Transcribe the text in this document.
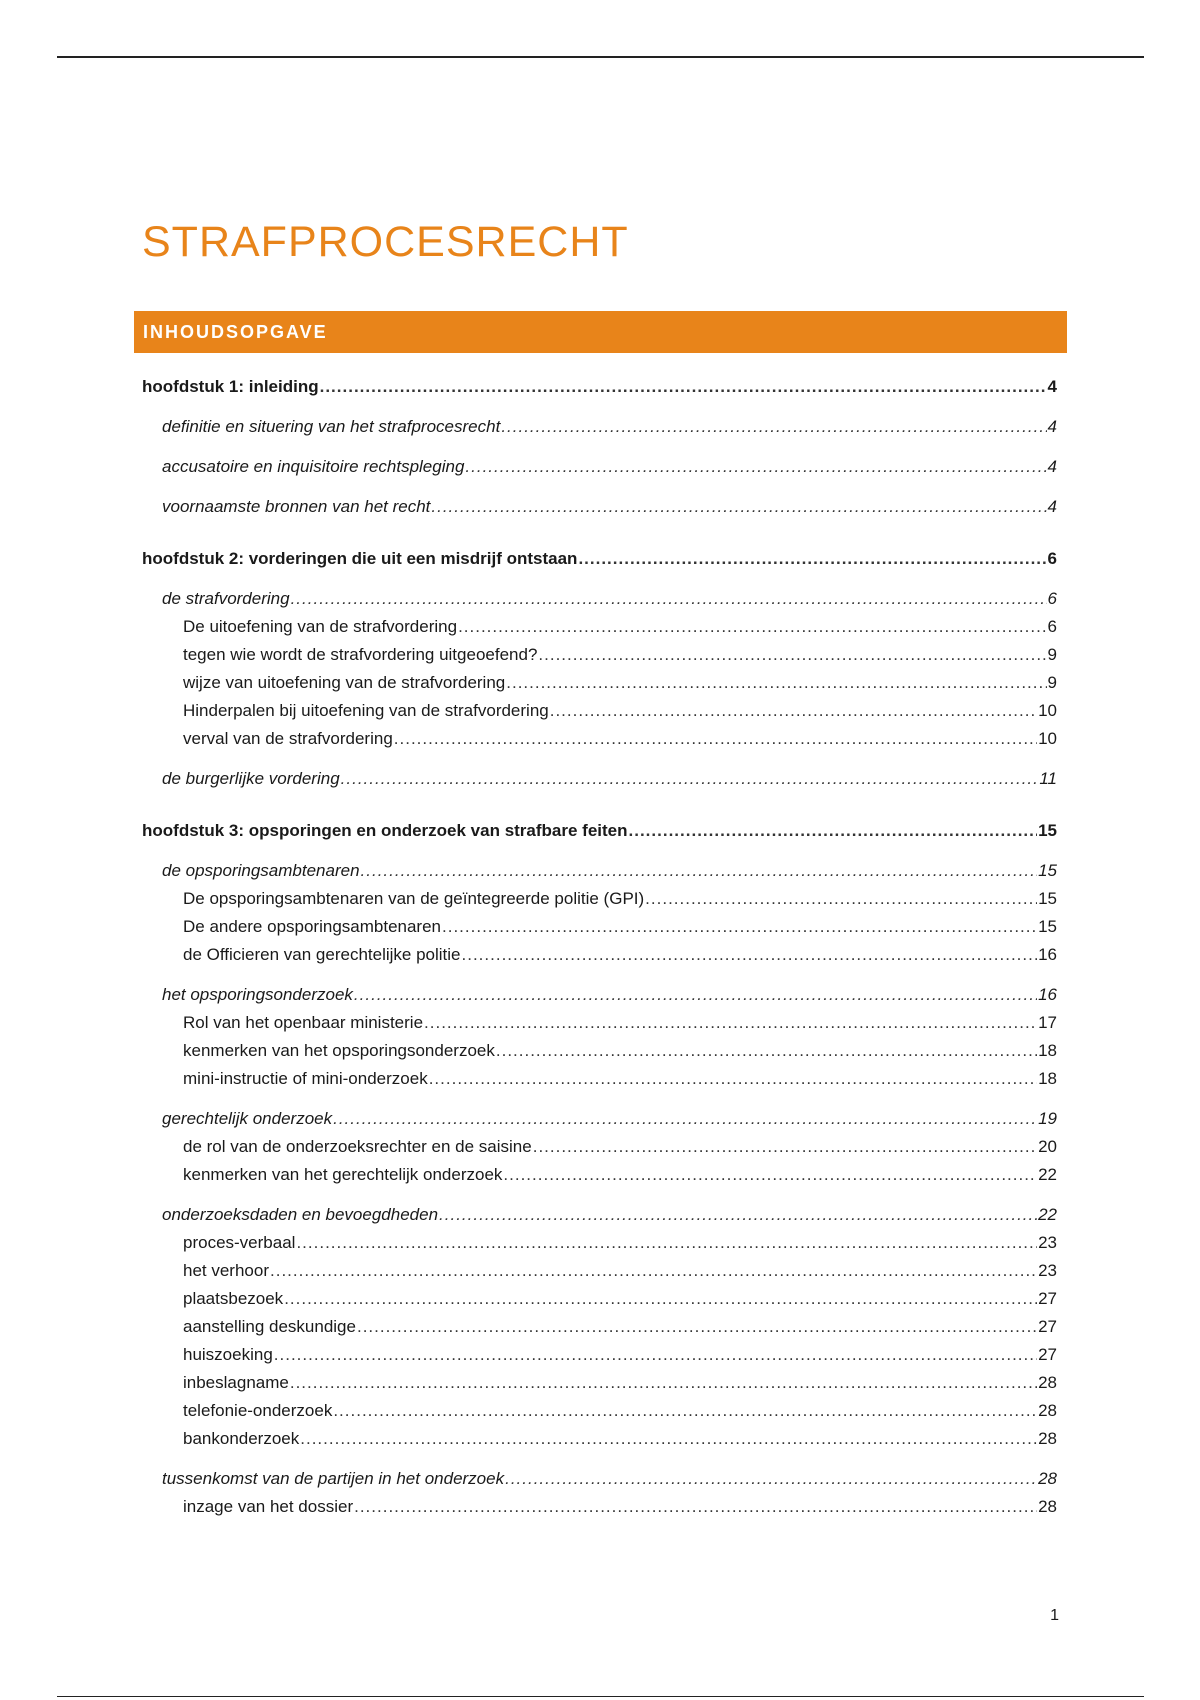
STRAFPROCESRECHT
INHOUDSOPGAVE
hoofdstuk 1: inleiding .....	4
definitie en situering van het strafprocesrecht .....	4
accusatoire en inquisitoire rechtspleging .....	4
voornaamste bronnen van het recht .....	4
hoofdstuk 2: vorderingen die uit een misdrijf ontstaan .....	6
de strafvordering .....	6
De uitoefening van de strafvordering .....	6
tegen wie wordt de strafvordering uitgeoefend? .....	9
wijze van uitoefening van de strafvordering .....	9
Hinderpalen bij uitoefening van de strafvordering .....	10
verval van de strafvordering .....	10
de burgerlijke vordering .....	11
hoofdstuk 3: opsporingen en onderzoek van strafbare feiten .....	15
de opsporingsambtenaren .....	15
De opsporingsambtenaren van de geïntegreerde politie (GPI) .....	15
De andere opsporingsambtenaren .....	15
de Officieren van gerechtelijke politie .....	16
het opsporingsonderzoek .....	16
Rol van het openbaar ministerie .....	17
kenmerken van het opsporingsonderzoek .....	18
mini-instructie of mini-onderzoek .....	18
gerechtelijk onderzoek .....	19
de rol van de onderzoeksrechter en de saisine .....	20
kenmerken van het gerechtelijk onderzoek .....	22
onderzoeksdaden en bevoegdheden .....	22
proces-verbaal .....	23
het verhoor .....	23
plaatsbezoek .....	27
aanstelling deskundige .....	27
huiszoeking .....	27
inbeslagname .....	28
telefonie-onderzoek .....	28
bankonderzoek .....	28
tussenkomst van de partijen in het onderzoek .....	28
inzage van het dossier .....	28
1
